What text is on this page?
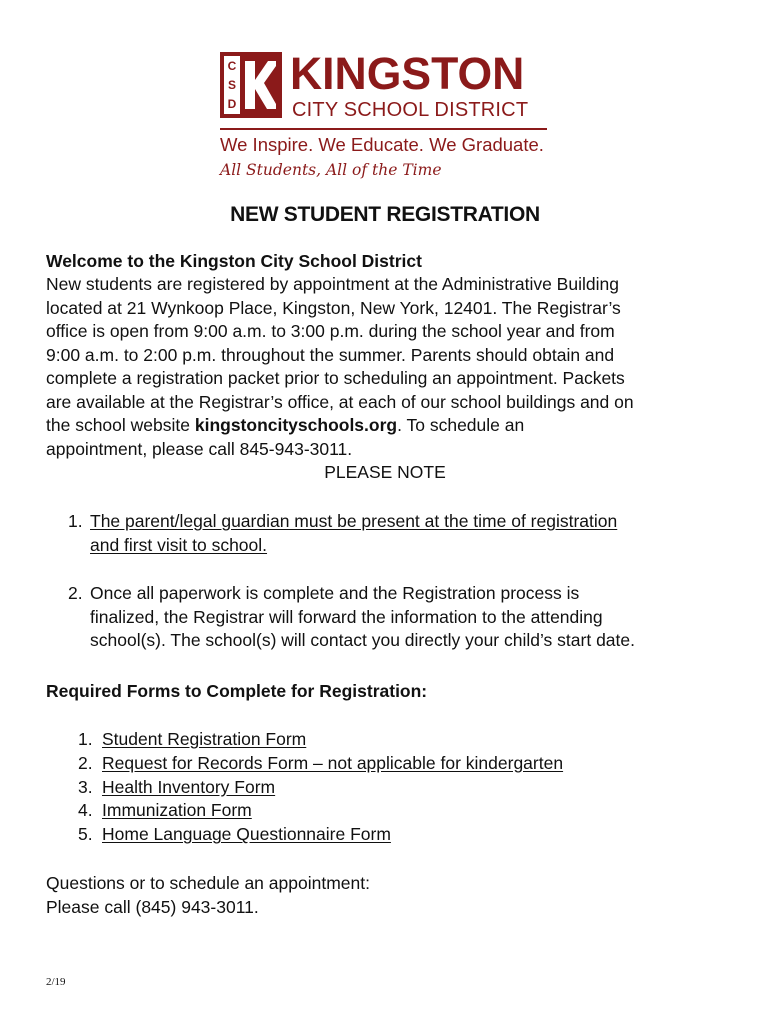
C
S
D
KINGSTON
CITY SCHOOL DISTRICT
We Inspire. We Educate. We Graduate.
All Students, All of the Time
NEW STUDENT REGISTRATION
Welcome to the Kingston City School District
New students are registered by appointment at the Administrative Building
located at 21 Wynkoop Place, Kingston, New York, 12401. The Registrar’s
office is open from 9:00 a.m. to 3:00 p.m. during the school year and from
9:00 a.m. to 2:00 p.m. throughout the summer. Parents should obtain and
complete a registration packet prior to scheduling an appointment. Packets
are available at the Registrar’s office, at each of our school buildings and on
the school website kingstoncityschools.org. To schedule an
appointment, please call 845-943-3011.
PLEASE NOTE
1. The parent/legal guardian must be present at the time of registration
and first visit to school.
2. Once all paperwork is complete and the Registration process is
finalized, the Registrar will forward the information to the attending
school(s). The school(s) will contact you directly your child’s start date.
Required Forms to Complete for Registration:
1. Student Registration Form
2. Request for Records Form – not applicable for kindergarten
3. Health Inventory Form
4. Immunization Form
5. Home Language Questionnaire Form
Questions or to schedule an appointment:
Please call (845) 943-3011.
2/19
